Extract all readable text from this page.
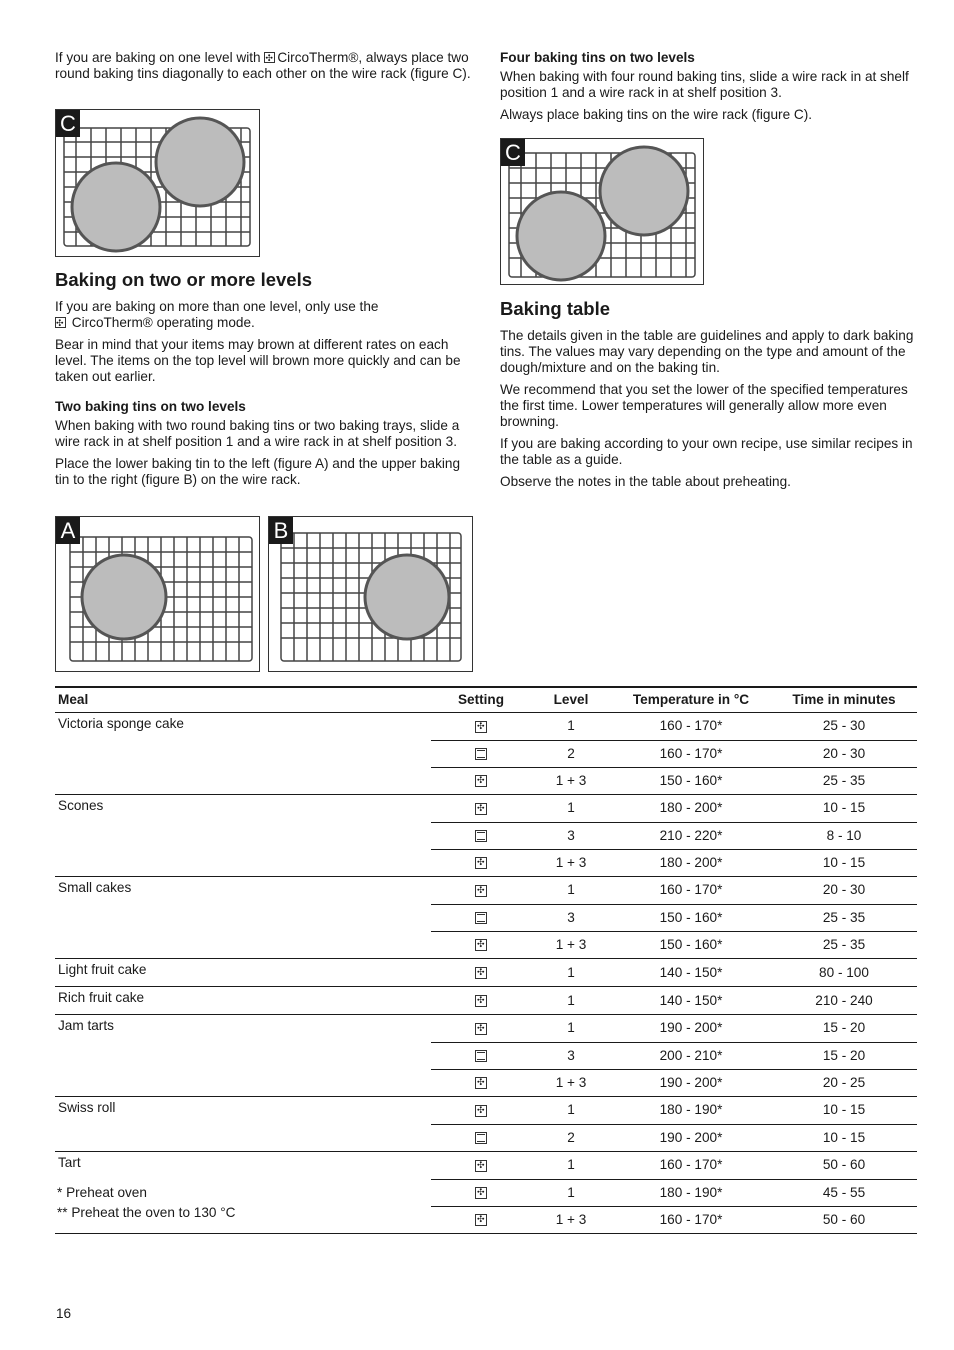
If you are baking on one level with ✣CircoTherm®, always place two round baking tins diagonally to each other on the wire rack (figure C).

C
Baking on two or more levels

If you are baking on more than one level, only use the
✣ CircoTherm® operating mode.

Bear in mind that your items may brown at different rates on each level. The items on the top level will brown more quickly and can be taken out earlier.

Two baking tins on two levels

When baking with two round baking tins or two baking trays, slide a wire rack in at shelf position 1 and a wire rack in at shelf position 3.

Place the lower baking tin to the left (figure A) and the upper baking tin to the right (figure B) on the wire rack.

A	B
Four baking tins on two levels

When baking with four round baking tins, slide a wire rack in at shelf position 1 and a wire rack in at shelf position 3.

Always place baking tins on the wire rack (figure C).

C
Baking table

The details given in the table are guidelines and apply to dark baking tins. The values may vary depending on the type and amount of the dough/mixture and on the baking tin.

We recommend that you set the lower of the specified temperatures the first time. Lower temperatures will generally allow more even browning.

If you are baking according to your own recipe, use similar recipes in the table as a guide.

Observe the notes in the table about preheating.

Meal	Setting	Level	Temperature in °C	Time in minutes
Victoria sponge cake	✣	1	160 - 170*	25 - 30
		2	160 - 170*	20 - 30
	✣	1 + 3	150 - 160*	25 - 35
Scones	✣	1	180 - 200*	10 - 15
		3	210 - 220*	8 - 10
	✣	1 + 3	180 - 200*	10 - 15
Small cakes	✣	1	160 - 170*	20 - 30
		3	150 - 160*	25 - 35
	✣	1 + 3	150 - 160*	25 - 35
Light fruit cake	✣	1	140 - 150*	80 - 100
Rich fruit cake	✣	1	140 - 150*	210 - 240
Jam tarts	✣	1	190 - 200*	15 - 20
		3	200 - 210*	15 - 20
	✣	1 + 3	190 - 200*	20 - 25
Swiss roll	✣	1	180 - 190*	10 - 15
		2	190 - 200*	10 - 15
Tart	✣	1	160 - 170*	50 - 60
	✣	1	180 - 190*	45 - 55
	✣	1 + 3	160 - 170*	50 - 60

* Preheat oven

** Preheat the oven to 130 °C

16
